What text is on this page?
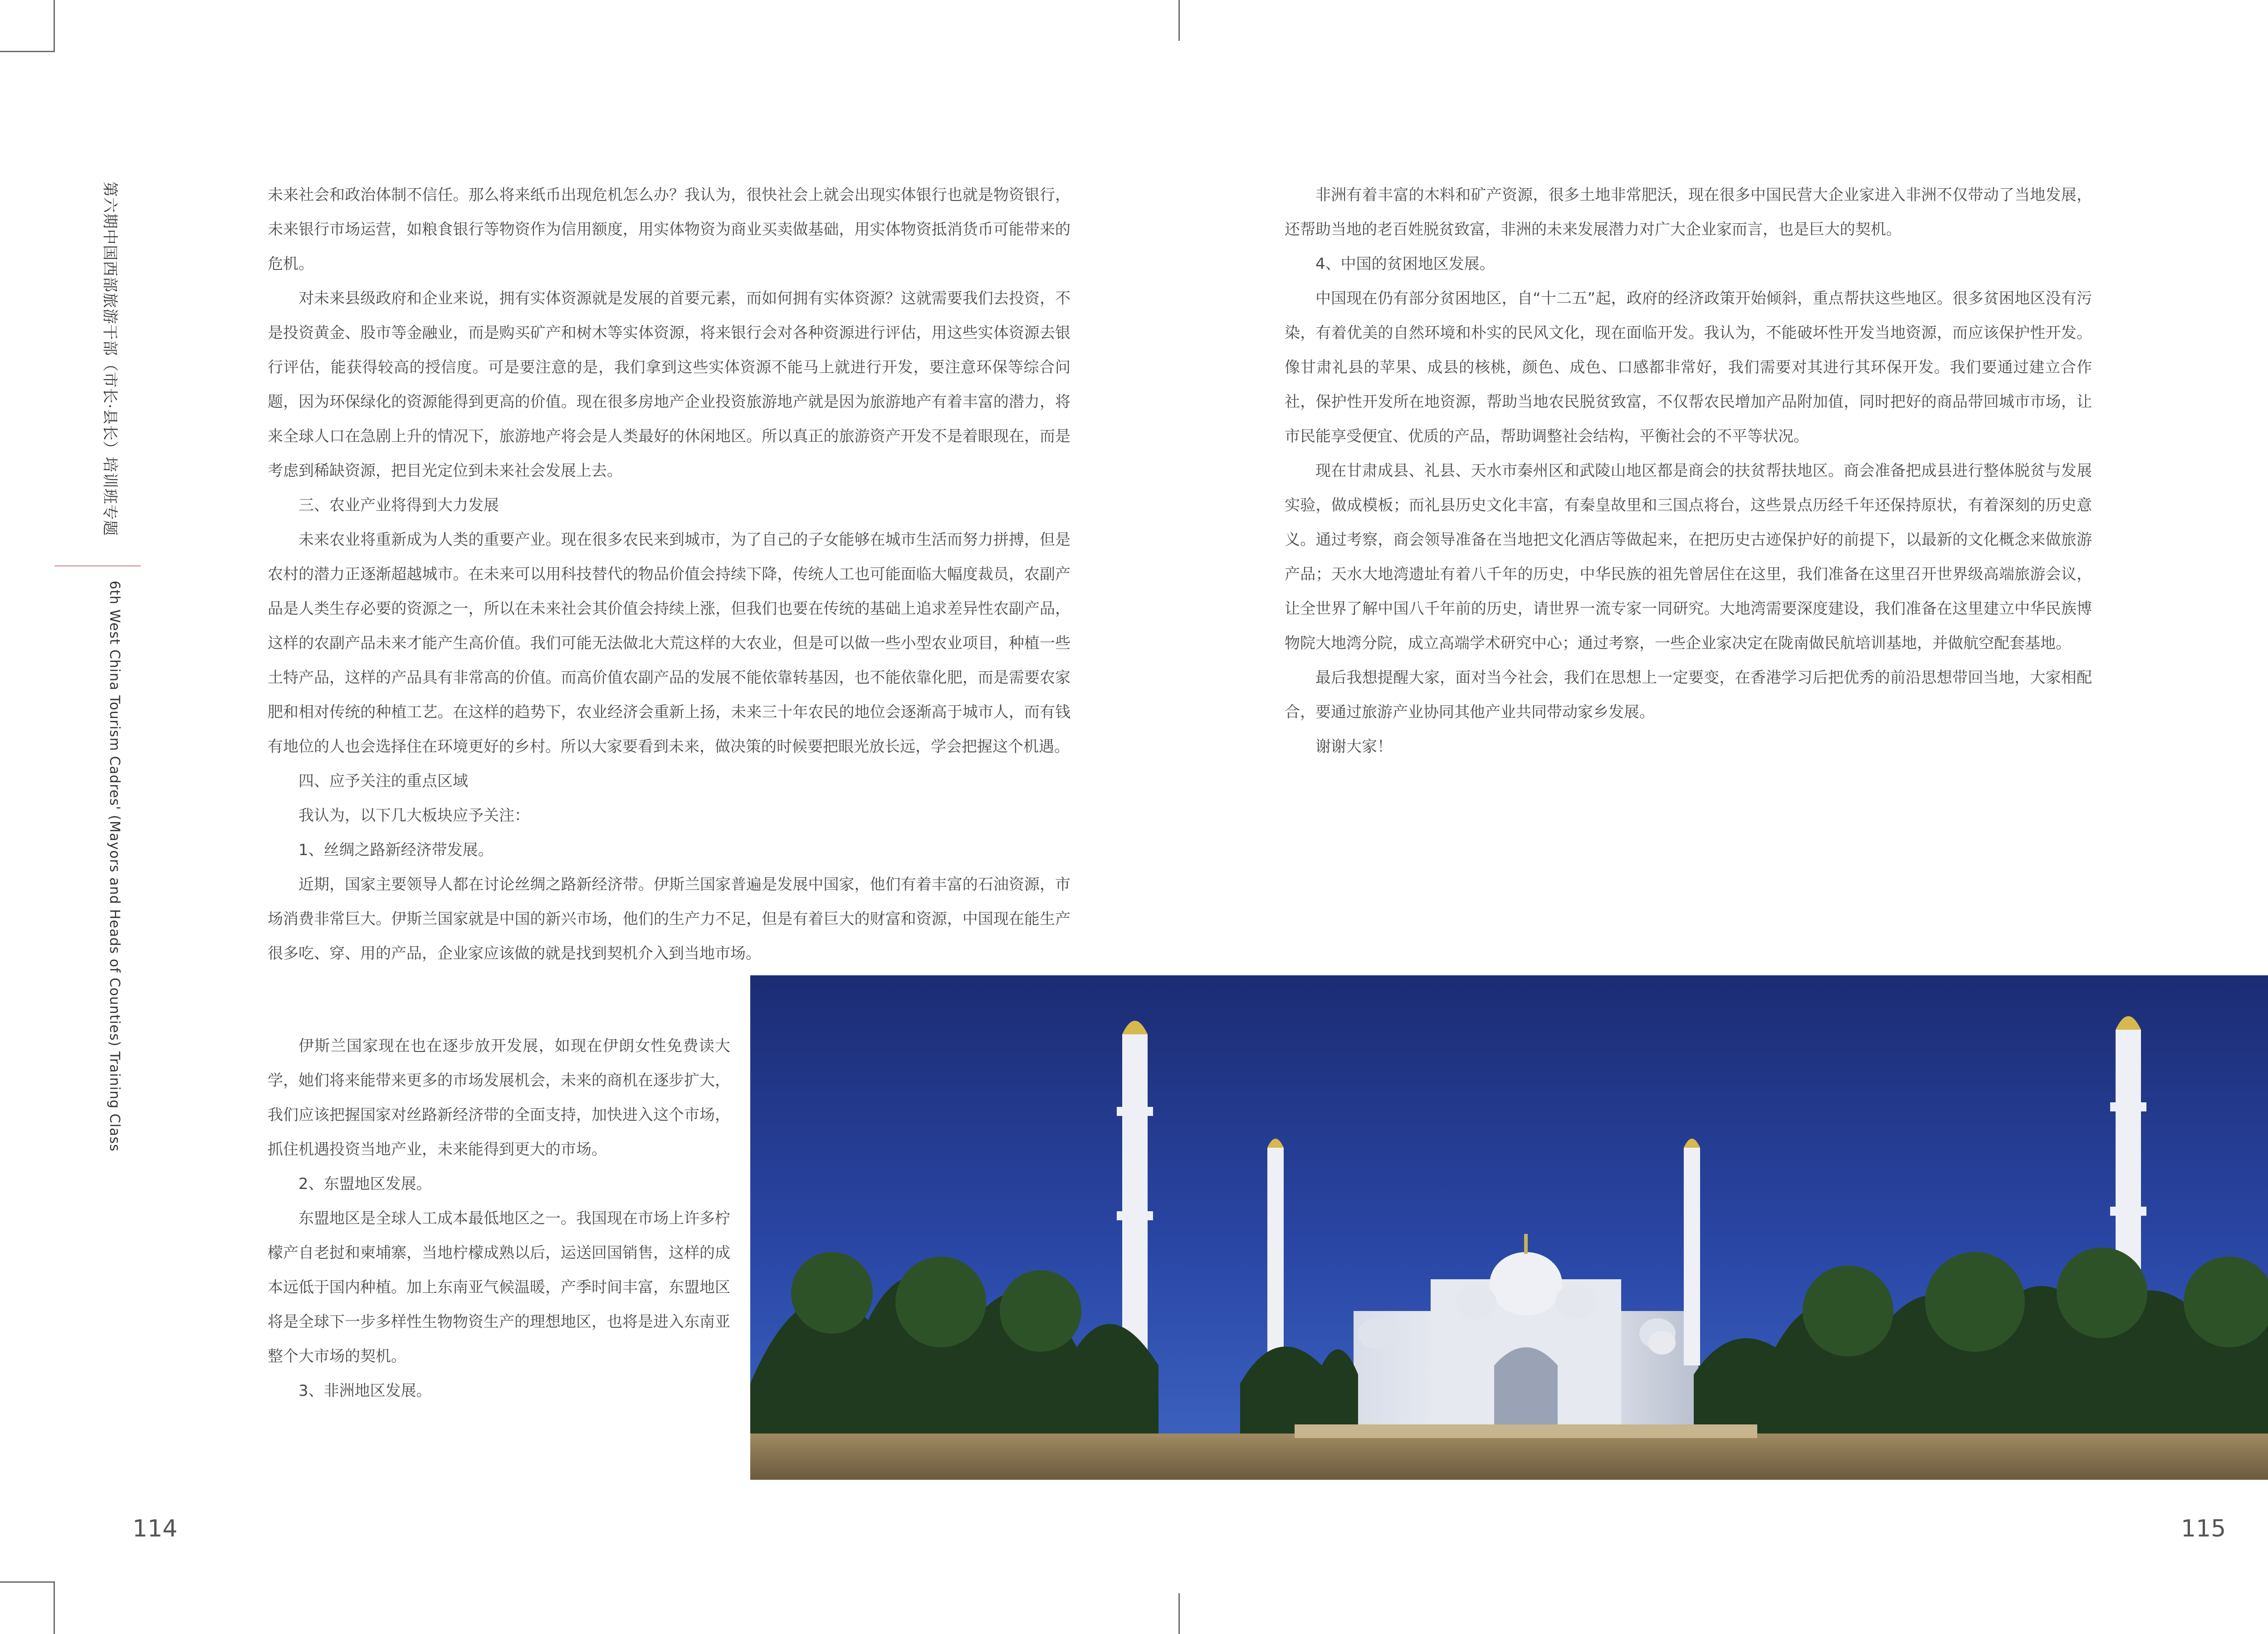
第六期中国西部旅游干部（市长·县长）培训班专题
6th West China Tourism Cadres' (Mayors and Heads of Counties) Training Class

未来社会和政治体制不信任。那么将来纸币出现危机怎么办？我认为，很快社会上就会出现实体银行也就是物资银行，未来银行市场运营，如粮食银行等物资作为信用额度，用实体物资为商业买卖做基础，用实体物资抵消货币可能带来的危机。

对未来县级政府和企业来说，拥有实体资源就是发展的首要元素，而如何拥有实体资源？这就需要我们去投资，不是投资黄金、股市等金融业，而是购买矿产和树木等实体资源，将来银行会对各种资源进行评估，用这些实体资源去银行评估，能获得较高的授信度。可是要注意的是，我们拿到这些实体资源不能马上就进行开发，要注意环保等综合问题，因为环保绿化的资源能得到更高的价值。现在很多房地产企业投资旅游地产就是因为旅游地产有着丰富的潜力，将来全球人口在急剧上升的情况下，旅游地产将会是人类最好的休闲地区。所以真正的旅游资产开发不是着眼现在，而是考虑到稀缺资源，把目光定位到未来社会发展上去。

三、农业产业将得到大力发展

未来农业将重新成为人类的重要产业。现在很多农民来到城市，为了自己的子女能够在城市生活而努力拼搏，但是农村的潜力正逐渐超越城市。在未来可以用科技替代的物品价值会持续下降，传统人工也可能面临大幅度裁员，农副产品是人类生存必要的资源之一，所以在未来社会其价值会持续上涨，但我们也要在传统的基础上追求差异性农副产品，这样的农副产品未来才能产生高价值。我们可能无法做北大荒这样的大农业，但是可以做一些小型农业项目，种植一些土特产品，这样的产品具有非常高的价值。而高价值农副产品的发展不能依靠转基因，也不能依靠化肥，而是需要农家肥和相对传统的种植工艺。在这样的趋势下，农业经济会重新上扬，未来三十年农民的地位会逐渐高于城市人，而有钱有地位的人也会选择住在环境更好的乡村。所以大家要看到未来，做决策的时候要把眼光放长远，学会把握这个机遇。

四、应予关注的重点区域

我认为，以下几大板块应予关注：

1、丝绸之路新经济带发展。

近期，国家主要领导人都在讨论丝绸之路新经济带。伊斯兰国家普遍是发展中国家，他们有着丰富的石油资源，市场消费非常巨大。伊斯兰国家就是中国的新兴市场，他们的生产力不足，但是有着巨大的财富和资源，中国现在能生产很多吃、穿、用的产品，企业家应该做的就是找到契机介入到当地市场。

伊斯兰国家现在也在逐步放开发展，如现在伊朗女性免费读大学，她们将来能带来更多的市场发展机会，未来的商机在逐步扩大，我们应该把握国家对丝路新经济带的全面支持，加快进入这个市场，抓住机遇投资当地产业，未来能得到更大的市场。

2、东盟地区发展。

东盟地区是全球人工成本最低地区之一。我国现在市场上许多柠檬产自老挝和柬埔寨，当地柠檬成熟以后，运送回国销售，这样的成本远低于国内种植。加上东南亚气候温暖，产季时间丰富，东盟地区将是全球下一步多样性生物物资生产的理想地区，也将是进入东南亚整个大市场的契机。

3、非洲地区发展。

非洲有着丰富的木料和矿产资源，很多土地非常肥沃，现在很多中国民营大企业家进入非洲不仅带动了当地发展，还帮助当地的老百姓脱贫致富，非洲的未来发展潜力对广大企业家而言，也是巨大的契机。

4、中国的贫困地区发展。

中国现在仍有部分贫困地区，自“十二五”起，政府的经济政策开始倾斜，重点帮扶这些地区。很多贫困地区没有污染，有着优美的自然环境和朴实的民风文化，现在面临开发。我认为，不能破坏性开发当地资源，而应该保护性开发。像甘肃礼县的苹果、成县的核桃，颜色、成色、口感都非常好，我们需要对其进行其环保开发。我们要通过建立合作社，保护性开发所在地资源，帮助当地农民脱贫致富，不仅帮农民增加产品附加值，同时把好的商品带回城市市场，让市民能享受便宜、优质的产品，帮助调整社会结构，平衡社会的不平等状况。

现在甘肃成县、礼县、天水市秦州区和武陵山地区都是商会的扶贫帮扶地区。商会准备把成县进行整体脱贫与发展实验，做成模板；而礼县历史文化丰富，有秦皇故里和三国点将台，这些景点历经千年还保持原状，有着深刻的历史意义。通过考察，商会领导准备在当地把文化酒店等做起来，在把历史古迹保护好的前提下，以最新的文化概念来做旅游产品；天水大地湾遗址有着八千年的历史，中华民族的祖先曾居住在这里，我们准备在这里召开世界级高端旅游会议，让全世界了解中国八千年前的历史，请世界一流专家一同研究。大地湾需要深度建设，我们准备在这里建立中华民族博物院大地湾分院，成立高端学术研究中心；通过考察，一些企业家决定在陇南做民航培训基地，并做航空配套基地。

最后我想提醒大家，面对当今社会，我们在思想上一定要变，在香港学习后把优秀的前沿思想带回当地，大家相配合，要通过旅游产业协同其他产业共同带动家乡发展。

谢谢大家！

114	115
